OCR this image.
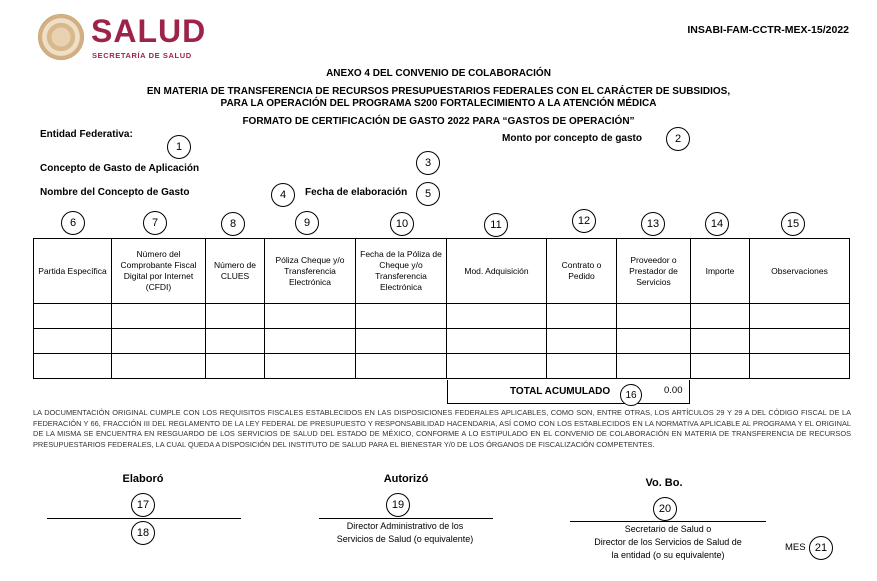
SALUD
SECRETARÍA DE SALUD
INSABI-FAM-CCTR-MEX-15/2022
ANEXO 4 DEL CONVENIO DE COLABORACIÓN
EN MATERIA DE TRANSFERENCIA DE RECURSOS PRESUPUESTARIOS FEDERALES CON EL CARÁCTER DE SUBSIDIOS,
PARA LA OPERACIÓN DEL PROGRAMA S200 FORTALECIMIENTO A LA ATENCIÓN MÉDICA
FORMATO DE CERTIFICACIÓN DE GASTO 2022 PARA “GASTOS DE OPERACIÓN”
Entidad Federativa:	Monto por concepto de gasto
Concepto de Gasto de Aplicación
Nombre del Concepto de Gasto	Fecha de elaboración
1
2
3
4	5
6	7	8	9	10	11	12	13	14	15
Partida Específica	Número del Comprobante Fiscal Digital por Internet (CFDI)	Número de CLUES	Póliza Cheque y/o Transferencia Electrónica	Fecha de la Póliza de Cheque y/o Transferencia Electrónica	Mod. Adquisición	Contrato o Pedido	Proveedor o Prestador de Servicios	Importe	Observaciones

TOTAL ACUMULADO	16	0.00
LA DOCUMENTACIÓN ORIGINAL CUMPLE CON LOS REQUISITOS FISCALES ESTABLECIDOS EN LAS DISPOSICIONES FEDERALES APLICABLES, COMO SON, ENTRE OTRAS, LOS ARTÍCULOS 29 Y 29 A DEL CÓDIGO FISCAL DE LA FEDERACIÓN Y 66, FRACCIÓN III DEL REGLAMENTO DE LA LEY FEDERAL DE PRESUPUESTO Y RESPONSABILIDAD HACENDARIA, ASÍ COMO CON LOS ESTABLECIDOS EN LA NORMATIVA APLICABLE AL PROGRAMA Y EL ORIGINAL DE LA MISMA SE ENCUENTRA EN RESGUARDO DE LOS SERVICIOS DE SALUD DEL ESTADO DE MÉXICO, CONFORME A LO ESTIPULADO EN EL CONVENIO DE COLABORACIÓN EN MATERIA DE TRANSFERENCIA DE RECURSOS PRESUPUESTARIOS FEDERALES, LA CUAL QUEDA A DISPOSICIÓN DEL INSTITUTO DE SALUD PARA EL BIENESTAR Y/0 DE LOS ÓRGANOS DE FISCALIZACIÓN COMPETENTES.
Elaboró
17
18
Autorizó
19
Director Administrativo de los
Servicios de Salud (o equivalente)
Vo. Bo.
20
Secretario de Salud o
Director de los Servicios de Salud de
la entidad (o su equivalente)
MES 21
